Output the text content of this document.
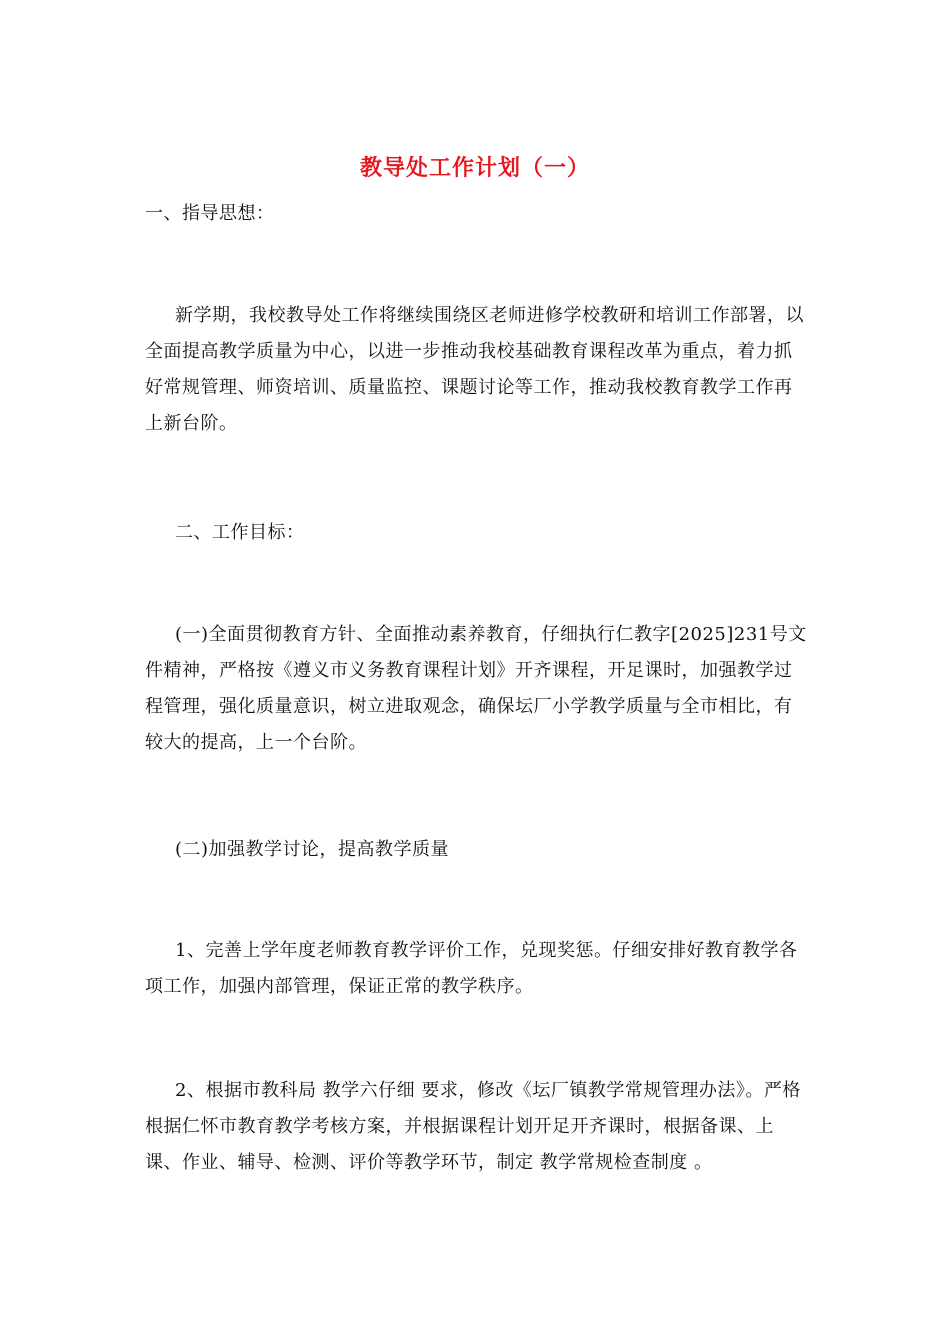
教导处工作计划（一）

一、指导思想：

新学期，我校教导处工作将继续围绕区老师进修学校教研和培训工作部署，以全面提高教学质量为中心，以进一步推动我校基础教育课程改革为重点，着力抓好常规管理、师资培训、质量监控、课题讨论等工作，推动我校教育教学工作再上新台阶。

二、工作目标：

(一)全面贯彻教育方针、全面推动素养教育，仔细执行仁教字[2025]231号文件精神，严格按《遵义市义务教育课程计划》开齐课程，开足课时，加强教学过程管理，强化质量意识，树立进取观念，确保坛厂小学教学质量与全市相比，有较大的提高，上一个台阶。

(二)加强教学讨论，提高教学质量

1、完善上学年度老师教育教学评价工作，兑现奖惩。仔细安排好教育教学各项工作，加强内部管理，保证正常的教学秩序。

2、根据市教科局 教学六仔细 要求，修改《坛厂镇教学常规管理办法》。严格根据仁怀市教育教学考核方案，并根据课程计划开足开齐课时，根据备课、上课、作业、辅导、检测、评价等教学环节，制定 教学常规检查制度 。
